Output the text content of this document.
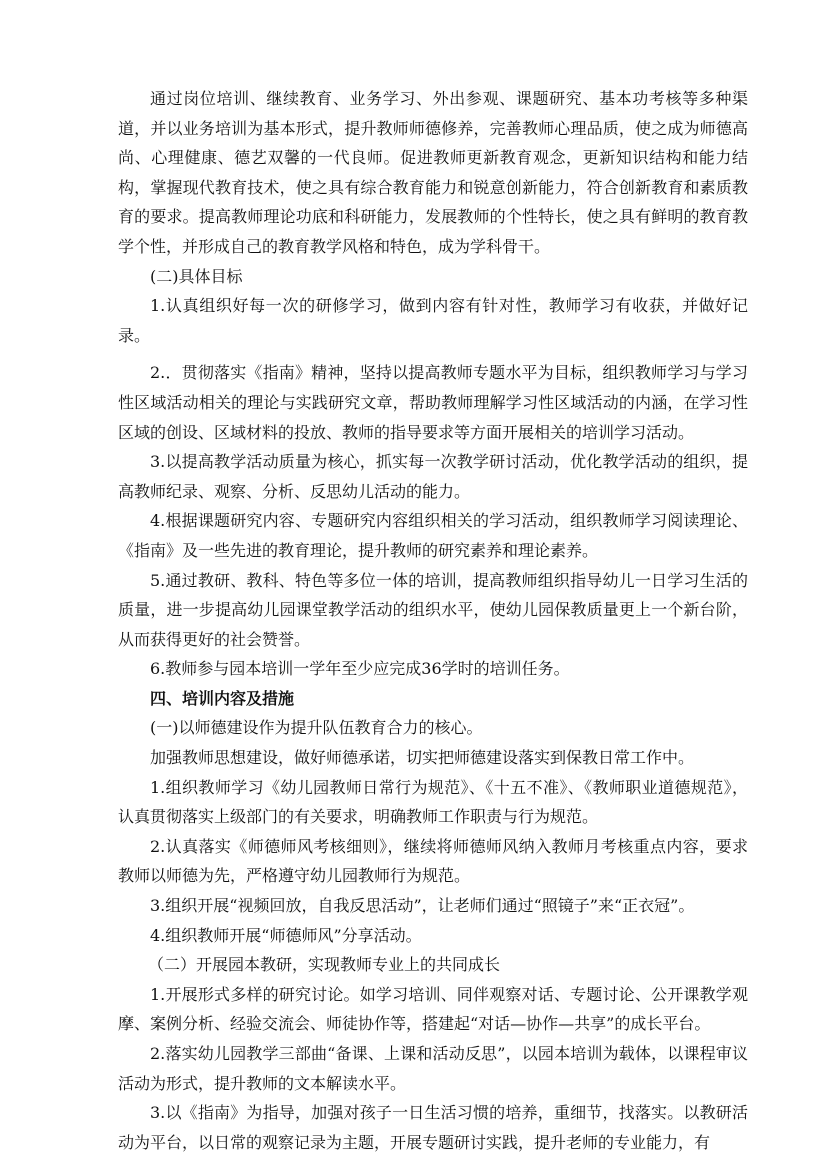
通过岗位培训、继续教育、业务学习、外出参观、课题研究、基本功考核等多种渠道，并以业务培训为基本形式，提升教师师德修养，完善教师心理品质，使之成为师德高尚、心理健康、德艺双馨的一代良师。促进教师更新教育观念，更新知识结构和能力结构，掌握现代教育技术，使之具有综合教育能力和锐意创新能力，符合创新教育和素质教育的要求。提高教师理论功底和科研能力，发展教师的个性特长，使之具有鲜明的教育教学个性，并形成自己的教育教学风格和特色，成为学科骨干。

(二)具体目标

1.认真组织好每一次的研修学习，做到内容有针对性，教师学习有收获，并做好记录。

2.．贯彻落实《指南》精神，坚持以提高教师专题水平为目标，组织教师学习与学习性区域活动相关的理论与实践研究文章，帮助教师理解学习性区域活动的内涵，在学习性区域的创设、区域材料的投放、教师的指导要求等方面开展相关的培训学习活动。

3.以提高教学活动质量为核心，抓实每一次教学研讨活动，优化教学活动的组织，提高教师纪录、观察、分析、反思幼儿活动的能力。

4.根据课题研究内容、专题研究内容组织相关的学习活动，组织教师学习阅读理论、《指南》及一些先进的教育理论，提升教师的研究素养和理论素养。

5.通过教研、教科、特色等多位一体的培训，提高教师组织指导幼儿一日学习生活的质量，进一步提高幼儿园课堂教学活动的组织水平，使幼儿园保教质量更上一个新台阶，从而获得更好的社会赞誉。

6.教师参与园本培训一学年至少应完成36学时的培训任务。

四、培训内容及措施

(一)以师德建设作为提升队伍教育合力的核心。

加强教师思想建设，做好师德承诺，切实把师德建设落实到保教日常工作中。

1.组织教师学习《幼儿园教师日常行为规范》、《十五不准》、《教师职业道德规范》，认真贯彻落实上级部门的有关要求，明确教师工作职责与行为规范。

2.认真落实《师德师风考核细则》，继续将师德师风纳入教师月考核重点内容，要求教师以师德为先，严格遵守幼儿园教师行为规范。

3.组织开展“视频回放，自我反思活动”，让老师们通过“照镜子”来“正衣冠”。

4.组织教师开展“师德师风”分享活动。

（二）开展园本教研，实现教师专业上的共同成长

1.开展形式多样的研究讨论。如学习培训、同伴观察对话、专题讨论、公开课教学观摩、案例分析、经验交流会、师徒协作等，搭建起“对话—协作—共享”的成长平台。

2.落实幼儿园教学三部曲“备课、上课和活动反思”，以园本培训为载体，以课程审议活动为形式，提升教师的文本解读水平。

3.以《指南》为指导，加强对孩子一日生活习惯的培养，重细节，找落实。以教研活动为平台，以日常的观察记录为主题，开展专题研讨实践，提升老师的专业能力，有
